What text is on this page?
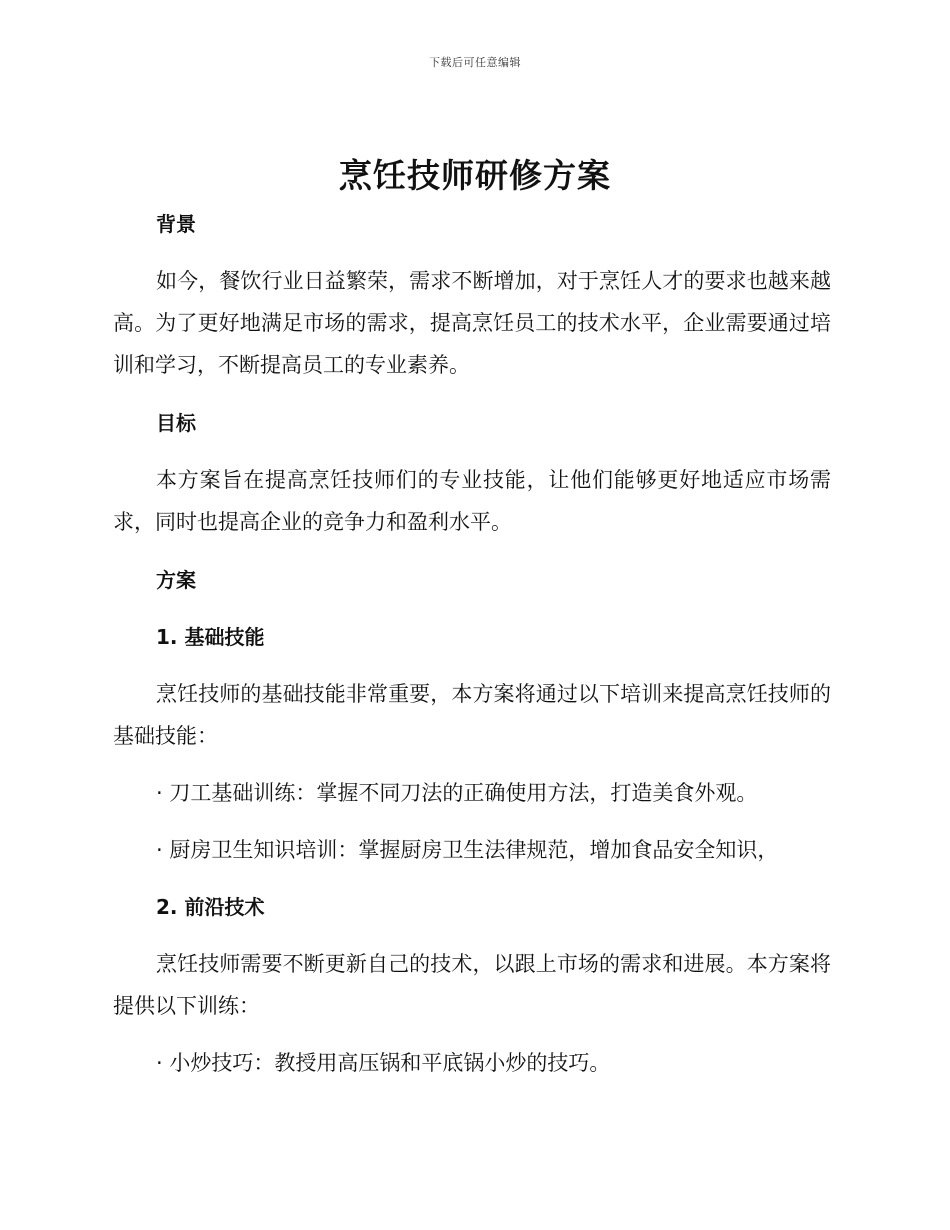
下载后可任意编辑
烹饪技师研修方案

背景

如今，餐饮行业日益繁荣，需求不断增加，对于烹饪人才的要求也越来越高。为了更好地满足市场的需求，提高烹饪员工的技术水平，企业需要通过培训和学习，不断提高员工的专业素养。

目标

本方案旨在提高烹饪技师们的专业技能，让他们能够更好地适应市场需求，同时也提高企业的竞争力和盈利水平。

方案

1. 基础技能

烹饪技师的基础技能非常重要，本方案将通过以下培训来提高烹饪技师的基础技能：

· 刀工基础训练：掌握不同刀法的正确使用方法，打造美食外观。

· 厨房卫生知识培训：掌握厨房卫生法律规范，增加食品安全知识，

2. 前沿技术

烹饪技师需要不断更新自己的技术，以跟上市场的需求和进展。本方案将提供以下训练：

· 小炒技巧：教授用高压锅和平底锅小炒的技巧。
